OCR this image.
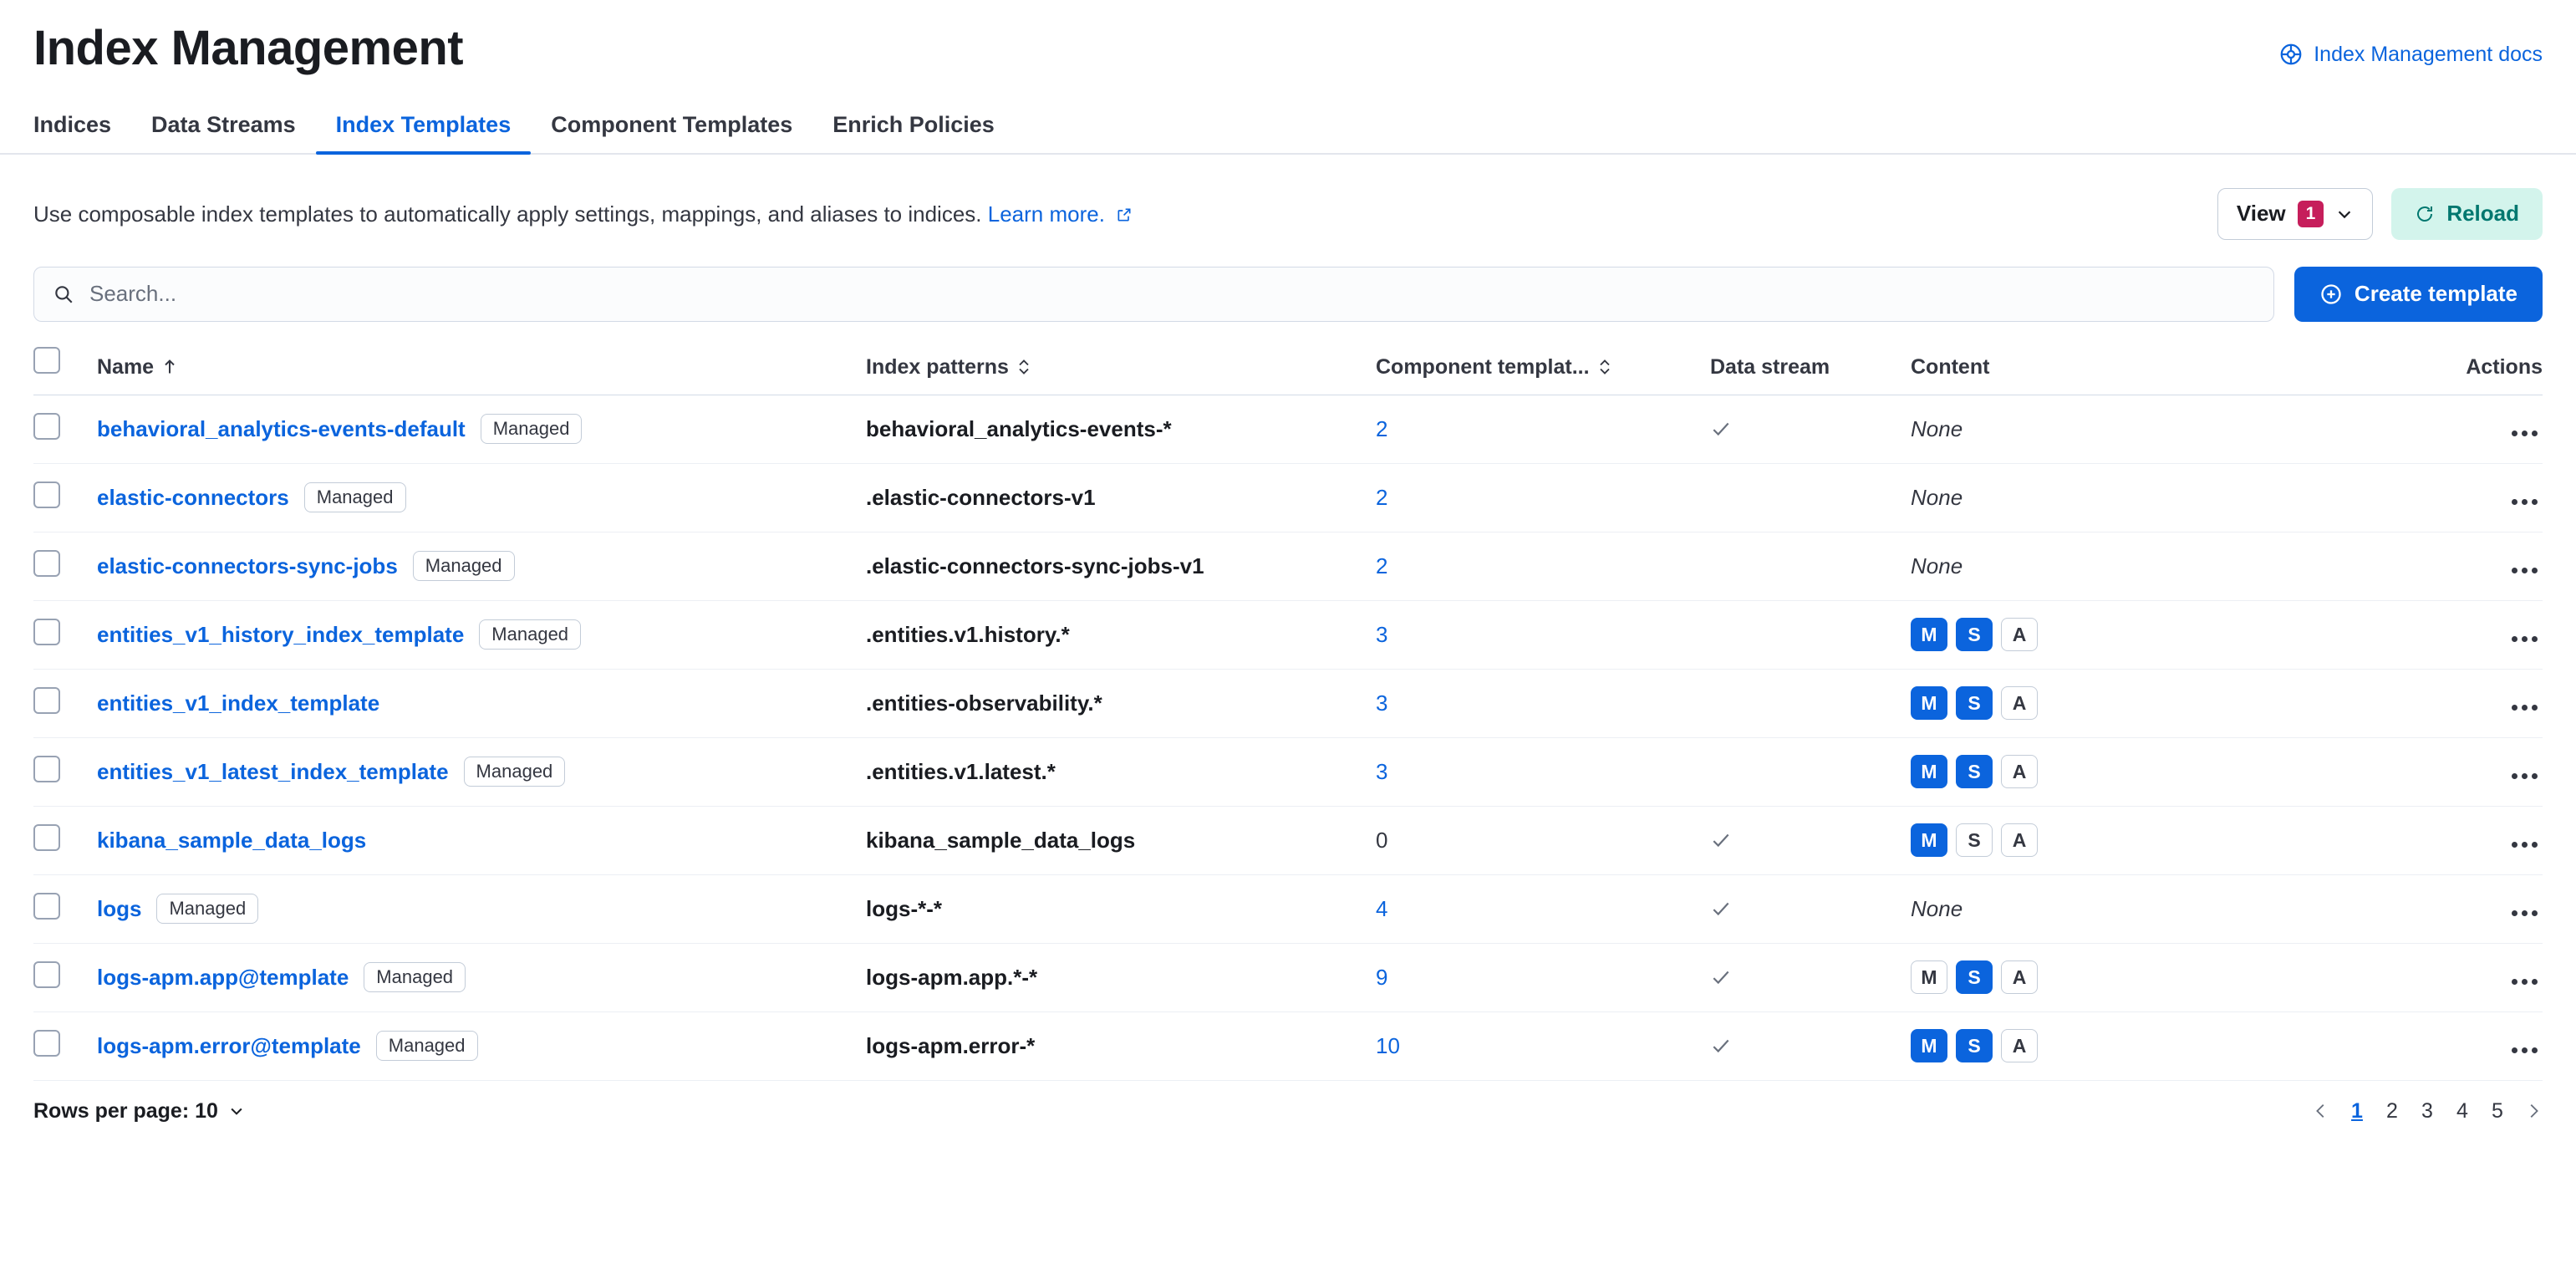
Index Management	Index Management docs
Indices	Data Streams	Index Templates	Component Templates	Enrich Policies
Use composable index templates to automatically apply settings, mappings, and aliases to indices. Learn more.	View	1	Reload
Search...	Create template

	Name	Index patterns	Component templat...	Data stream	Content	Actions

	behavioral_analytics-events-default Managed	behavioral_analytics-events-*	2		None	

	elastic-connectors Managed	.elastic-connectors-v1	2		None	

	elastic-connectors-sync-jobs Managed	.elastic-connectors-sync-jobs-v1	2		None	

	entities_v1_history_index_template Managed	.entities.v1.history.*	3		M S A	

	entities_v1_index_template	.entities-observability.*	3		M S A	

	entities_v1_latest_index_template Managed	.entities.v1.latest.*	3		M S A	

	kibana_sample_data_logs	kibana_sample_data_logs	0		M S A	

	logs Managed	logs-*-*	4		None	

	logs-apm.app@template Managed	logs-apm.app.*-*	9		M S A	

	logs-apm.error@template Managed	logs-apm.error-*	10		M S A	

Rows per page: 10	1 2 3 4 5
